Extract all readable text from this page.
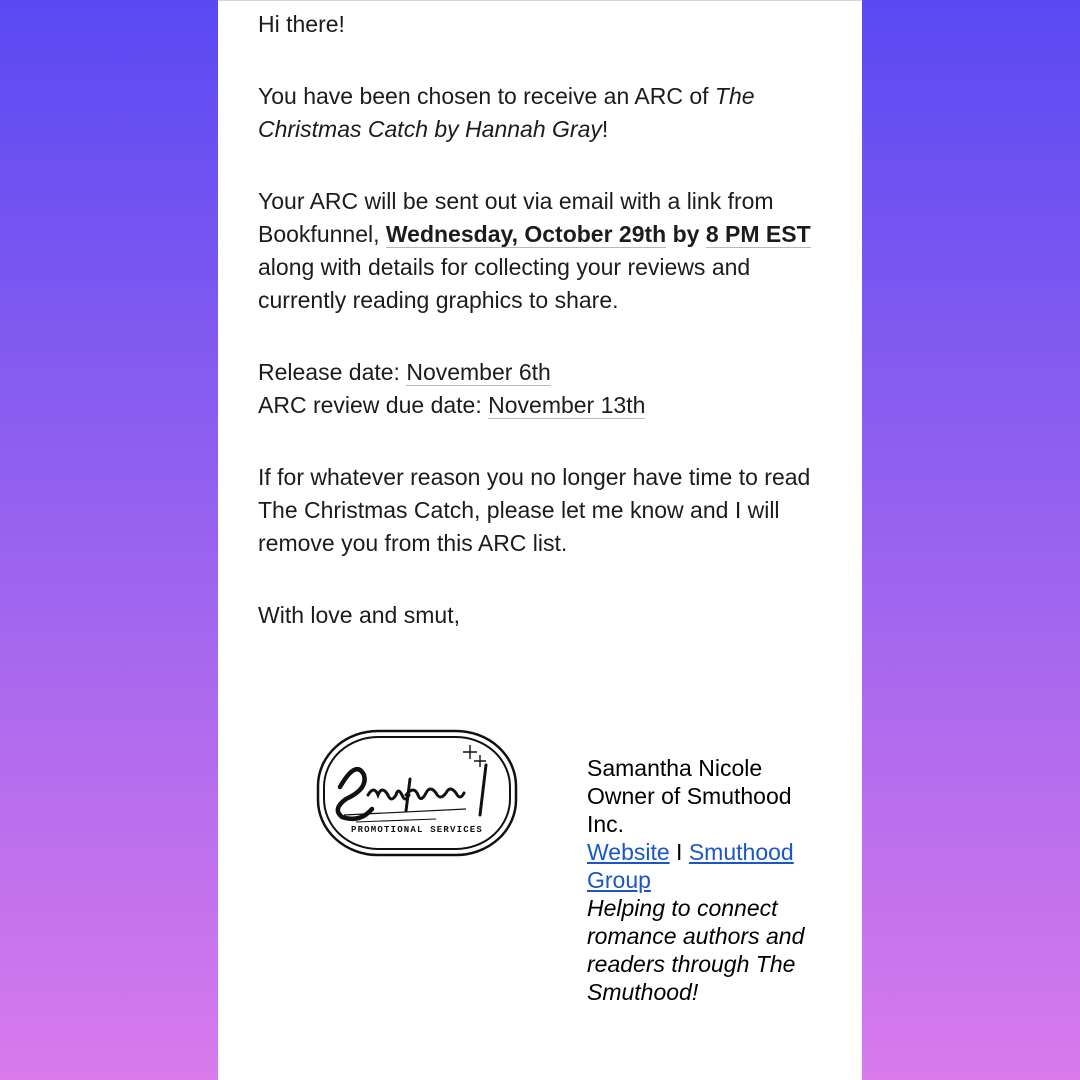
Hi there!

You have been chosen to receive an ARC of The Christmas Catch by Hannah Gray!

Your ARC will be sent out via email with a link from Bookfunnel, Wednesday, October 29th by 8 PM EST along with details for collecting your reviews and currently reading graphics to share.

Release date: November 6th
ARC review due date: November 13th

If for whatever reason you no longer have time to read The Christmas Catch, please let me know and I will remove you from this ARC list.

With love and smut,

PROMOTIONAL SERVICES
Samantha Nicole
Owner of Smuthood Inc.
Website I Smuthood Group
Helping to connect romance authors and readers through The Smuthood!
